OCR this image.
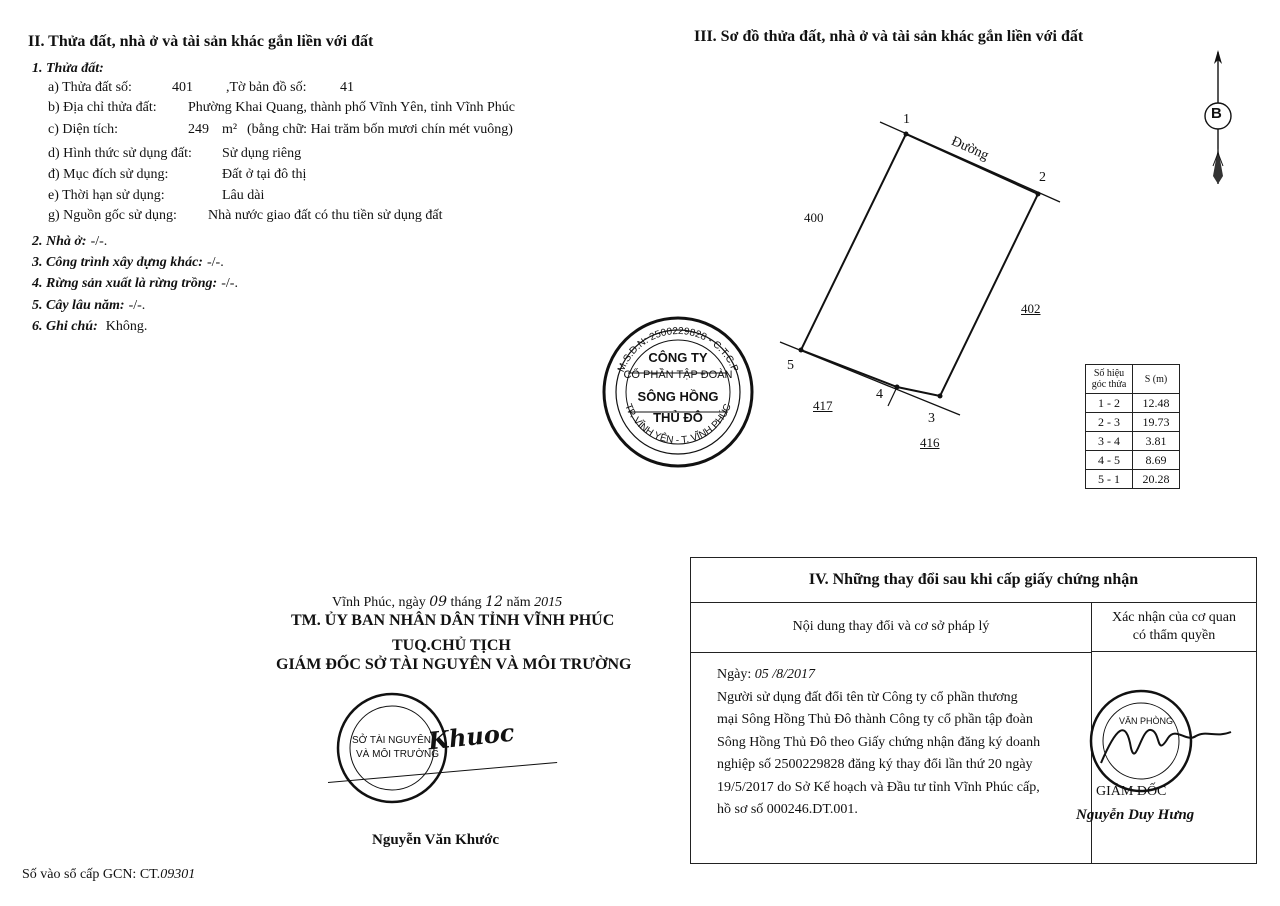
II. Thửa đất, nhà ở và tài sản khác gắn liền với đất
1. Thửa đất:
a) Thửa đất số:	401 ,Tờ bản đồ số: 41
b) Địa chỉ thửa đất: Phường Khai Quang, thành phố Vĩnh Yên, tỉnh Vĩnh Phúc
c) Diện tích:	249 m² (bằng chữ: Hai trăm bốn mươi chín mét vuông)
d) Hình thức sử dụng đất: Sử dụng riêng
đ) Mục đích sử dụng:	Đất ở tại đô thị
e) Thời hạn sử dụng:	Lâu dài
g) Nguồn gốc sử dụng: Nhà nước giao đất có thu tiền sử dụng đất
2. Nhà ở: -/-.
3. Công trình xây dựng khác: -/-.
4. Rừng sản xuất là rừng trồng: -/-.
5. Cây lâu năm: -/-.
6. Ghi chú: Không.
III. Sơ đồ thửa đất, nhà ở và tài sản khác gắn liền với đất
B
1
2
3
4
5
Đường
400
402
417
416
Số hiệu góc thửa	S (m)
1 - 2	12.48
2 - 3	19.73
3 - 4	3.81
4 - 5	8.69
5 - 1	20.28
M.S.D.N: 2500229828 - C.T.C.P
TP. VĨNH YÊN - T. VĨNH PHÚC
CÔNG TY
CỔ PHẦN TẬP ĐOÀN
SÔNG HỒNG
THỦ ĐÔ
Vĩnh Phúc, ngày 09 tháng 12 năm 2015
TM. ỦY BAN NHÂN DÂN TỈNH VĨNH PHÚC
TUQ.CHỦ TỊCH
GIÁM ĐỐC SỞ TÀI NGUYÊN VÀ MÔI TRƯỜNG
SỞ TÀI NGUYÊN
VÀ MÔI TRƯỜNG
Khuoc
Nguyễn Văn Khước
Số vào sổ cấp GCN: CT.09301
IV. Những thay đổi sau khi cấp giấy chứng nhận
Nội dung thay đổi và cơ sở pháp lý
Xác nhận của cơ quan
có thẩm quyền
Ngày: 05 /8/2017
Người sử dụng đất đổi tên từ Công ty cổ phần thương
mại Sông Hồng Thủ Đô thành Công ty cổ phần tập đoàn
Sông Hồng Thủ Đô theo Giấy chứng nhận đăng ký doanh
nghiệp số 2500229828 đăng ký thay đổi lần thứ 20 ngày
19/5/2017 do Sở Kế hoạch và Đầu tư tỉnh Vĩnh Phúc cấp,
hồ sơ số 000246.DT.001.
VĂN PHÒNG
GIÁM ĐỐC
Nguyễn Duy Hưng
